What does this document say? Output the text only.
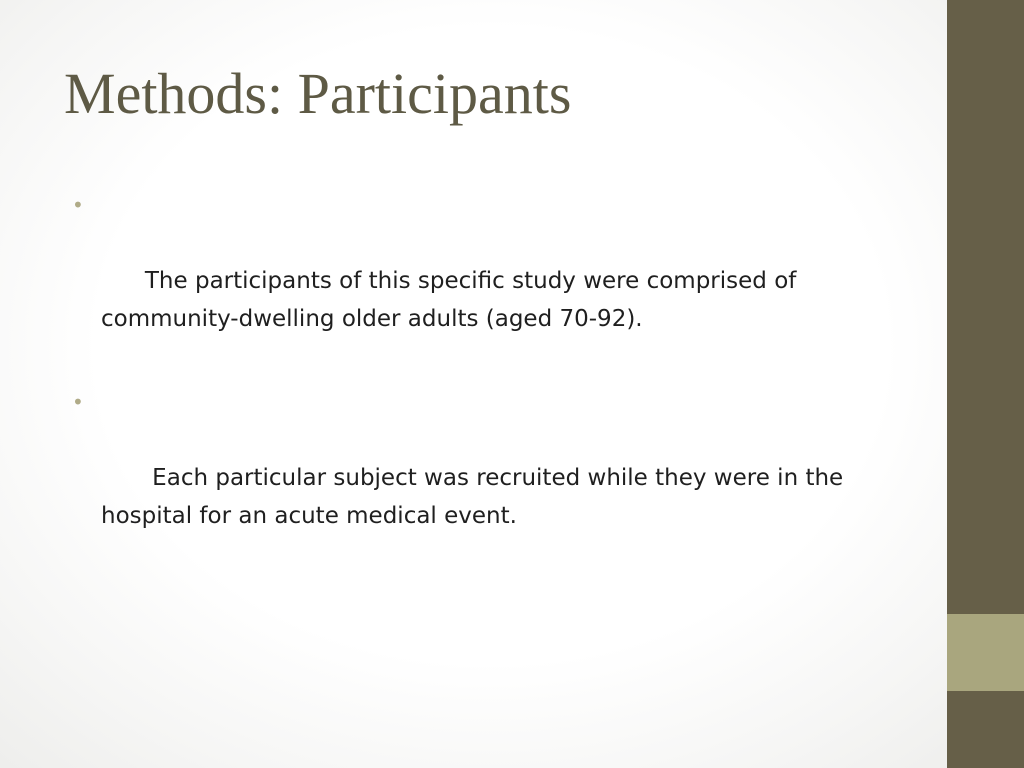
Methods: Participants

•

The participants of this specific study were comprised of community-dwelling older adults (aged 70-92).

•

Each particular subject was recruited while they were in the hospital for an acute medical event.
